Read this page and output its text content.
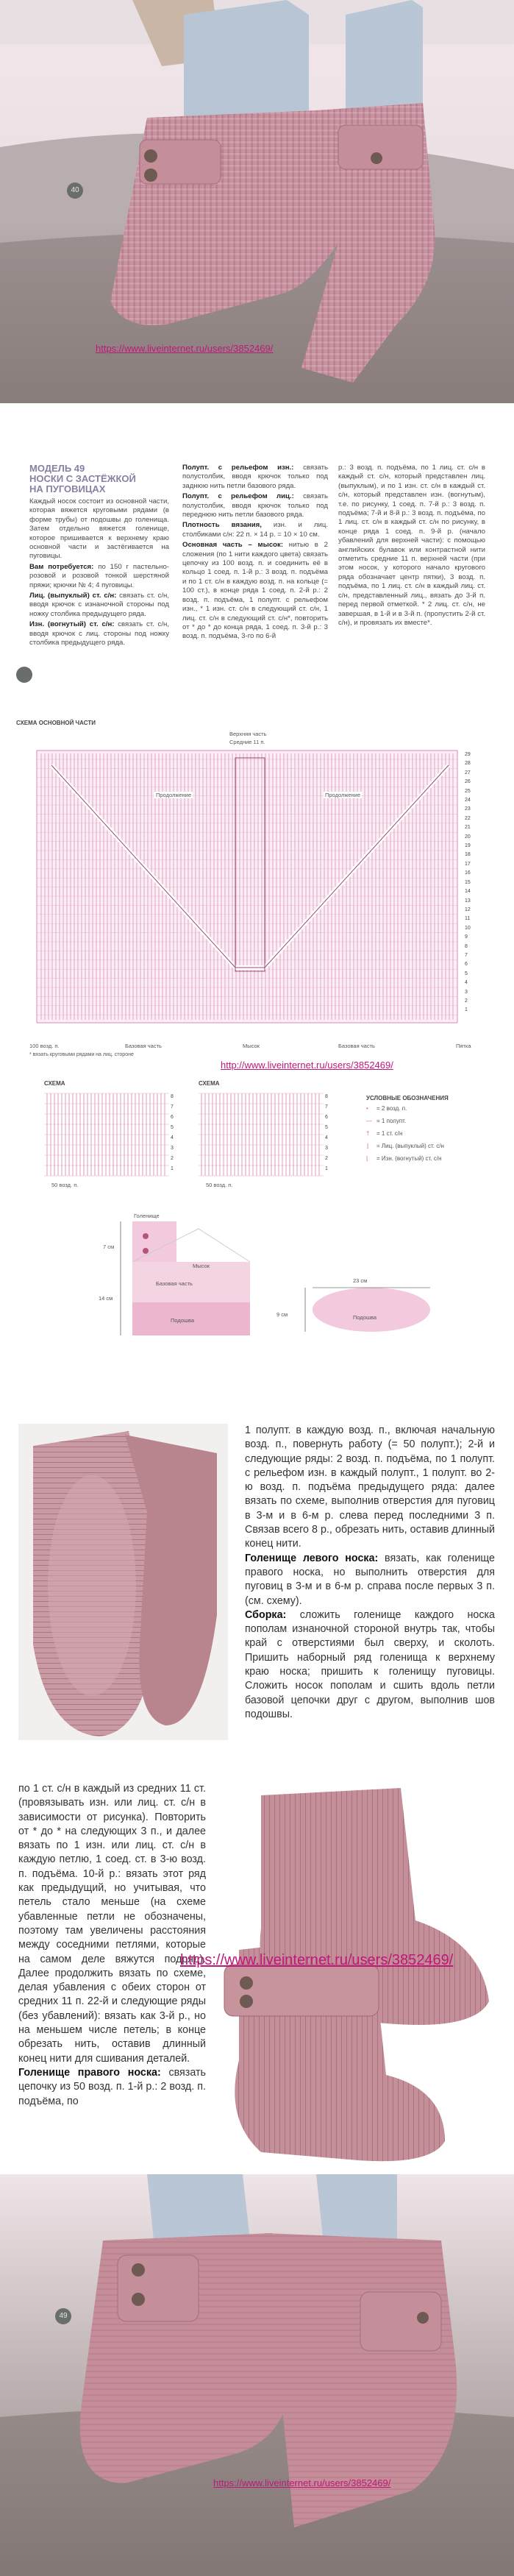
40
https://www.liveinternet.ru/users/3852469/
МОДЕЛЬ 49
НОСКИ С ЗАСТЁЖКОЙ
НА ПУГОВИЦАХ

Каждый носок состоит из основной части, которая вяжется круговыми рядами (в форме трубы) от подошвы до голенища. Затем отдельно вяжется голенище, которое пришивается к верхнему краю основной части и застёгивается на пуговицы.

Вам потребуется: по 150 г пастельно-розовой и розовой тонкой шерстяной пряжи; крючки № 4; 4 пуговицы.

Лиц. (выпуклый) ст. с/н: связать ст. с/н, вводя крючок с изнаночной стороны под ножку столбика предыдущего ряда.

Изн. (вогнутый) ст. с/н: связать ст. с/н, вводя крючок с лиц. стороны под ножку столбика предыдущего ряда.

Полупт. с рельефом изн.: связать полустолбик, вводя крючок только под заднюю нить петли базового ряда.

Полупт. с рельефом лиц.: связать полустолбик, вводя крючок только под переднюю нить петли базового ряда.

Плотность вязания, изн. и лиц. столбиками с/н: 22 п. × 14 р. = 10 × 10 см.

Основная часть – мысок: нитью в 2 сложения (по 1 нити каждого цвета) связать цепочку из 100 возд. п. и соединить её в кольцо 1 соед. п. 1-й р.: 3 возд. п. подъёма и по 1 ст. с/н в каждую возд. п. на кольце (= 100 ст.), в конце ряда 1 соед. п. 2-й р.: 2 возд. п. подъёма, 1 полупт. с рельефом изн., * 1 изн. ст. с/н в следующий ст. с/н, 1 лиц. ст. с/н в следующий ст. с/н*, повторить от * до * до конца ряда, 1 соед. п. 3-й р.: 3 возд. п. подъёма, 3-го по 6-й

р.: 3 возд. п. подъёма, по 1 лиц. ст. с/н в каждый ст. с/н, который представлен лиц. (выпуклым), и по 1 изн. ст. с/н в каждый ст. с/н, который представлен изн. (вогнутым), т.е. по рисунку, 1 соед. п. 7-й р.: 3 возд. п. подъёма; 7-й и 8-й р.: 3 возд. п. подъёма, по 1 лиц. ст. с/н в каждый ст. с/н по рисунку, в конце ряда 1 соед. п. 9-й р. (начало убавлений для верхней части): с помощью английских булавок или контрастной нити отметить средние 11 п. верхней части (при этом носок, у которого начало кругового ряда обозначает центр пятки), 3 возд. п. подъёма, по 1 лиц. ст. с/н в каждый лиц. ст. с/н, представленный лиц., вязать до 3-й п. перед первой отметкой. * 2 лиц. ст. с/н, не завершая, в 1-й и в 3-й п. (пропустить 2-й ст. с/н), и провязать их вместе*.
СХЕМА ОСНОВНОЙ ЧАСТИ
Верхняя часть
Средние 11 п.
Продолжение	Продолжение
29
28
27
26
25
24
23
22
21
20
19
18
17
16
15
14
13
12
11
10
9
8
7
6
5
4
3
2
1
100 возд. п.	Базовая часть	Мысок	Базовая часть	Пятка
* вязать круговыми рядами на лиц. стороне
http://www.liveinternet.ru/users/3852469/
СХЕМА	СХЕМА
8
7
6
5
4
3
2
1
8
7
6
5
4
3
2
1
50 возд. п.	50 возд. п.
УСЛОВНЫЕ ОБОЗНАЧЕНИЯ
• = 2 возд. п.
— = 1 полупт.
† = 1 ст. с/н
⌋ = Лиц. (выпуклый) ст. с/н
⌊ = Изн. (вогнутый) ст. с/н
Голенище
7 см
14 см
Базовая часть
Мысок
Подошва
23 см
9 см	Подошва

1 полупт. в каждую возд. п., включая начальную возд. п., повернуть работу (= 50 полупт.); 2-й и следующие ряды: 2 возд. п. подъёма, по 1 полупт. с рельефом изн. в каждый полупт., 1 полупт. во 2-ю возд. п. подъёма предыдущего ряда: далее вязать по схеме, выполнив отверстия для пуговиц в 3-м и в 6-м р. слева перед последними 3 п. Связав всего 8 р., обрезать нить, оставив длинный конец нити.

Голенище левого носка: вязать, как голенище правого носка, но выполнить отверстия для пуговиц в 3-м и в 6-м р. справа после первых 3 п. (см. схему).

Сборка: сложить голенище каждого носка пополам изнаночной стороной внутрь так, чтобы край с отверстиями был сверху, и сколоть. Пришить наборный ряд голенища к верхнему краю носка; пришить к голенищу пуговицы. Сложить носок пополам и сшить вдоль петли базовой цепочки друг с другом, выполнив шов подошвы.

по 1 ст. с/н в каждый из средних 11 ст. (провязывать изн. или лиц. ст. с/н в зависимости от рисунка). Повторить от * до * на следующих 3 п., и далее вязать по 1 изн. или лиц. ст. с/н в каждую петлю, 1 соед. ст. в 3-ю возд. п. подъёма. 10-й р.: вязать этот ряд как предыдущий, но учитывая, что петель стало меньше (на схеме убавленные петли не обозначены, поэтому там увеличены расстояния между соседними петлями, которые на самом деле вяжутся подряд). Далее продолжить вязать по схеме, делая убавления с обеих сторон от средних 11 п. 22-й и следующие ряды (без убавлений): вязать как 3-й р., но на меньшем числе петель; в конце обрезать нить, оставив длинный конец нити для сшивания деталей.

Голенище правого носка: связать цепочку из 50 возд. п. 1-й р.: 2 возд. п. подъёма, по

https://www.liveinternet.ru/users/3852469/
49
https://www.liveinternet.ru/users/3852469/
